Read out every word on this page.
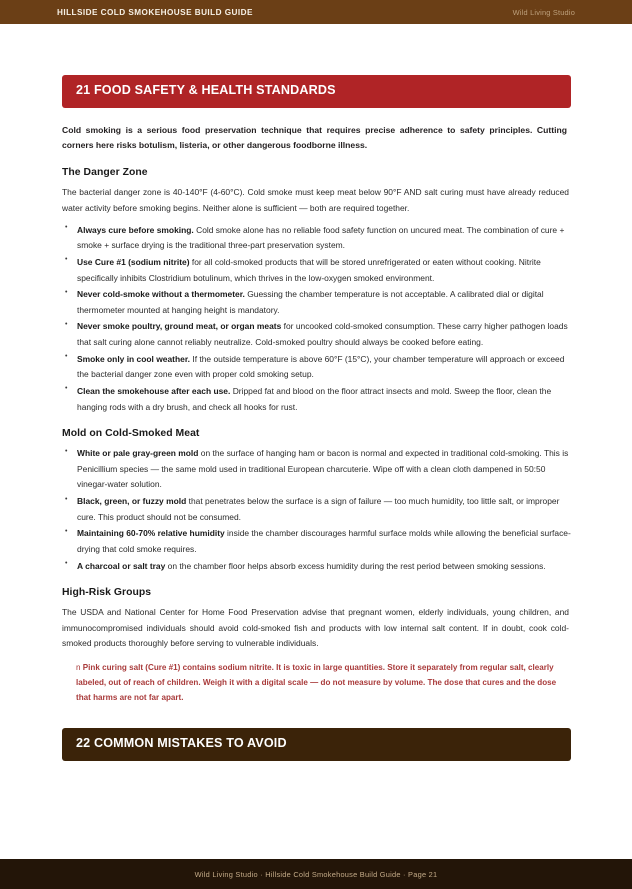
HILLSIDE COLD SMOKEHOUSE BUILD GUIDE	Wild Living Studio
21 FOOD SAFETY & HEALTH STANDARDS

Cold smoking is a serious food preservation technique that requires precise adherence to safety principles. Cutting corners here risks botulism, listeria, or other dangerous foodborne illness.

The Danger Zone

The bacterial danger zone is 40-140°F (4-60°C). Cold smoke must keep meat below 90°F AND salt curing must have already reduced water activity before smoking begins. Neither alone is sufficient — both are required together.

• Always cure before smoking. Cold smoke alone has no reliable food safety function on uncured meat. The combination of cure + smoke + surface drying is the traditional three-part preservation system.
• Use Cure #1 (sodium nitrite) for all cold-smoked products that will be stored unrefrigerated or eaten without cooking. Nitrite specifically inhibits Clostridium botulinum, which thrives in the low-oxygen smoked environment.
• Never cold-smoke without a thermometer. Guessing the chamber temperature is not acceptable. A calibrated dial or digital thermometer mounted at hanging height is mandatory.
• Never smoke poultry, ground meat, or organ meats for uncooked cold-smoked consumption. These carry higher pathogen loads that salt curing alone cannot reliably neutralize. Cold-smoked poultry should always be cooked before eating.
• Smoke only in cool weather. If the outside temperature is above 60°F (15°C), your chamber temperature will approach or exceed the bacterial danger zone even with proper cold smoking setup.
• Clean the smokehouse after each use. Dripped fat and blood on the floor attract insects and mold. Sweep the floor, clean the hanging rods with a dry brush, and check all hooks for rust.
Mold on Cold-Smoked Meat
• White or pale gray-green mold on the surface of hanging ham or bacon is normal and expected in traditional cold-smoking. This is Penicillium species — the same mold used in traditional European charcuterie. Wipe off with a clean cloth dampened in 50:50 vinegar-water solution.
• Black, green, or fuzzy mold that penetrates below the surface is a sign of failure — too much humidity, too little salt, or improper cure. This product should not be consumed.
• Maintaining 60-70% relative humidity inside the chamber discourages harmful surface molds while allowing the beneficial surface-drying that cold smoke requires.
• A charcoal or salt tray on the chamber floor helps absorb excess humidity during the rest period between smoking sessions.
High-Risk Groups

The USDA and National Center for Home Food Preservation advise that pregnant women, elderly individuals, young children, and immunocompromised individuals should avoid cold-smoked fish and products with low internal salt content. If in doubt, cook cold-smoked products thoroughly before serving to vulnerable individuals.

n Pink curing salt (Cure #1) contains sodium nitrite. It is toxic in large quantities. Store it separately from regular salt, clearly labeled, out of reach of children. Weigh it with a digital scale — do not measure by volume. The dose that cures and the dose that harms are not far apart.

22 COMMON MISTAKES TO AVOID
Wild Living Studio · Hillside Cold Smokehouse Build Guide · Page 21
